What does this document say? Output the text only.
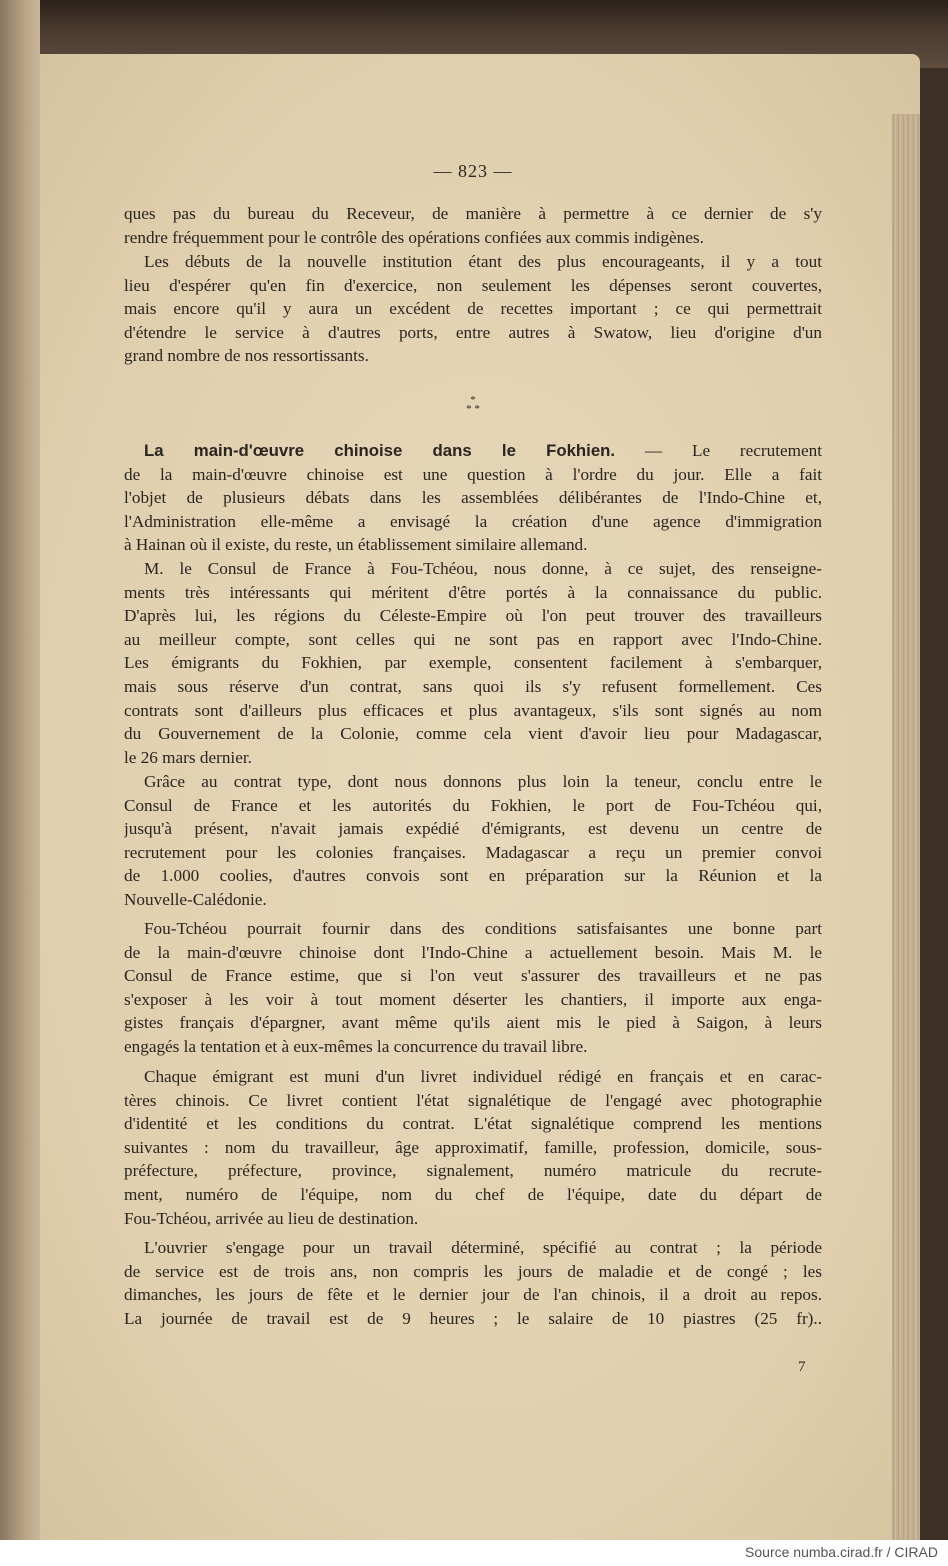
— 823 —
ques pas du bureau du Receveur, de manière à permettre à ce dernier de s'y
rendre fréquemment pour le contrôle des opérations confiées aux commis indigènes.
Les débuts de la nouvelle institution étant des plus encourageants, il y a tout
lieu d'espérer qu'en fin d'exercice, non seulement les dépenses seront couvertes,
mais encore qu'il y aura un excédent de recettes important ; ce qui permettrait
d'étendre le service à d'autres ports, entre autres à Swatow, lieu d'origine d'un
grand nombre de nos ressortissants.
*
* *
La main-d'œuvre chinoise dans le Fokhien. — Le recrutement
de la main-d'œuvre chinoise est une question à l'ordre du jour. Elle a fait
l'objet de plusieurs débats dans les assemblées délibérantes de l'Indo-Chine et,
l'Administration elle-même a envisagé la création d'une agence d'immigration
à Hainan où il existe, du reste, un établissement similaire allemand.
M. le Consul de France à Fou-Tchéou, nous donne, à ce sujet, des renseigne-
ments très intéressants qui méritent d'être portés à la connaissance du public.
D'après lui, les régions du Céleste-Empire où l'on peut trouver des travailleurs
au meilleur compte, sont celles qui ne sont pas en rapport avec l'Indo-Chine.
Les émigrants du Fokhien, par exemple, consentent facilement à s'embarquer,
mais sous réserve d'un contrat, sans quoi ils s'y refusent formellement. Ces
contrats sont d'ailleurs plus efficaces et plus avantageux, s'ils sont signés au nom
du Gouvernement de la Colonie, comme cela vient d'avoir lieu pour Madagascar,
le 26 mars dernier.
Grâce au contrat type, dont nous donnons plus loin la teneur, conclu entre le
Consul de France et les autorités du Fokhien, le port de Fou-Tchéou qui,
jusqu'à présent, n'avait jamais expédié d'émigrants, est devenu un centre de
recrutement pour les colonies françaises. Madagascar a reçu un premier convoi
de 1.000 coolies, d'autres convois sont en préparation sur la Réunion et la
Nouvelle-Calédonie.
Fou-Tchéou pourrait fournir dans des conditions satisfaisantes une bonne part
de la main-d'œuvre chinoise dont l'Indo-Chine a actuellement besoin. Mais M. le
Consul de France estime, que si l'on veut s'assurer des travailleurs et ne pas
s'exposer à les voir à tout moment déserter les chantiers, il importe aux enga-
gistes français d'épargner, avant même qu'ils aient mis le pied à Saigon, à leurs
engagés la tentation et à eux-mêmes la concurrence du travail libre.
Chaque émigrant est muni d'un livret individuel rédigé en français et en carac-
tères chinois. Ce livret contient l'état signalétique de l'engagé avec photographie
d'identité et les conditions du contrat. L'état signalétique comprend les mentions
suivantes : nom du travailleur, âge approximatif, famille, profession, domicile, sous-
préfecture, préfecture, province, signalement, numéro matricule du recrute-
ment, numéro de l'équipe, nom du chef de l'équipe, date du départ de
Fou-Tchéou, arrivée au lieu de destination.
L'ouvrier s'engage pour un travail déterminé, spécifié au contrat ; la période
de service est de trois ans, non compris les jours de maladie et de congé ; les
dimanches, les jours de fête et le dernier jour de l'an chinois, il a droit au repos.
La journée de travail est de 9 heures ; le salaire de 10 piastres (25 fr)..
7
Source numba.cirad.fr / CIRAD
